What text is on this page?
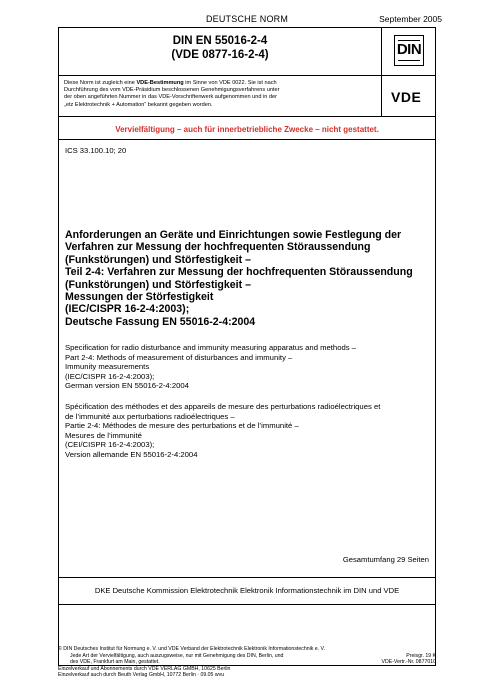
DEUTSCHE NORM	September 2005
DIN EN 55016-2-4
(VDE 0877-16-2-4)	DIN
Diese Norm ist zugleich eine VDE-Bestimmung im Sinne von VDE 0022. Sie ist nach
Durchführung des vom VDE-Präsidium beschlossenen Genehmigungsverfahrens unter
der oben angeführten Nummer in das VDE-Vorschriftenwerk aufgenommen und in der
„etz Elektrotechnik + Automation“ bekannt gegeben worden.	VDE
Vervielfältigung – auch für innerbetriebliche Zwecke – nicht gestattet.
ICS 33.100.10; 20
Anforderungen an Geräte und Einrichtungen sowie Festlegung der
Verfahren zur Messung der hochfrequenten Störaussendung
(Funkstörungen) und Störfestigkeit –
Teil 2-4: Verfahren zur Messung der hochfrequenten Störaussendung
(Funkstörungen) und Störfestigkeit –
Messungen der Störfestigkeit
(IEC/CISPR 16-2-4:2003);
Deutsche Fassung EN 55016-2-4:2004
Specification for radio disturbance and immunity measuring apparatus and methods –
Part 2-4: Methods of measurement of disturbances and immunity –
Immunity measurements
(IEC/CISPR 16-2-4:2003);
German version EN 55016-2-4:2004
Spécification des méthodes et des appareils de mesure des perturbations radioélectriques et
de l’immunité aux perturbations radioélectriques –
Partie 2-4: Méthodes de mesure des perturbations et de l’immunité –
Mesures de l’immunité
(CEI/CISPR 16-2-4:2003);
Version allemande EN 55016-2-4:2004
Gesamtumfang 29 Seiten
DKE Deutsche Kommission Elektrotechnik Elektronik Informationstechnik im DIN und VDE
© DIN Deutsches Institut für Normung e. V. und VDE Verband der Elektrotechnik Elektronik Informationstechnik e. V.
Jede Art der Vervielfältigung, auch auszugsweise, nur mit Genehmigung des DIN, Berlin, und
des VDE, Frankfurt am Main, gestattet.
Einzelverkauf und Abonnements durch VDE VERLAG GMBH, 10625 Berlin
Einzelverkauf auch durch Beuth Verlag GmbH, 10772 Berlin · 09.05 wvu
Preisgr. 19 K
VDE-Vertr.-Nr. 0877010
